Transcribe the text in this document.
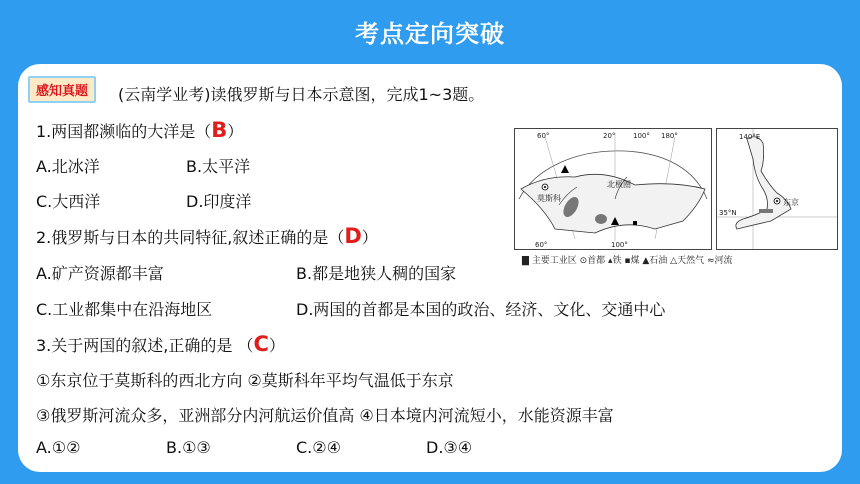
考点定向突破
感知真题	(云南学业考)读俄罗斯与日本示意图，完成1~3题。
1.两国都濒临的大洋是（B）
A.北冰洋	B.太平洋
C.大西洋	D.印度洋
2.俄罗斯与日本的共同特征,叙述正确的是（D）
A.矿产资源都丰富	B.都是地狭人稠的国家
C.工业都集中在沿海地区	D.两国的首都是本国的政治、经济、文化、交通中心
3.关于两国的叙述,正确的是 （C）
①东京位于莫斯科的西北方向 ②莫斯科年平均气温低于东京
③俄罗斯河流众多，亚洲部分内河航运价值高 ④日本境内河流短小，水能资源丰富
A.①②	B.①③	C.②④	D.③④
莫斯科
北极圈
60°	20°	100° 180°
60°	100°
东京
140°E
35°N
▇ 主要工业区 ⊙首都 ▴铁 ▪煤 ▲石油 △天然气 ≈河流
